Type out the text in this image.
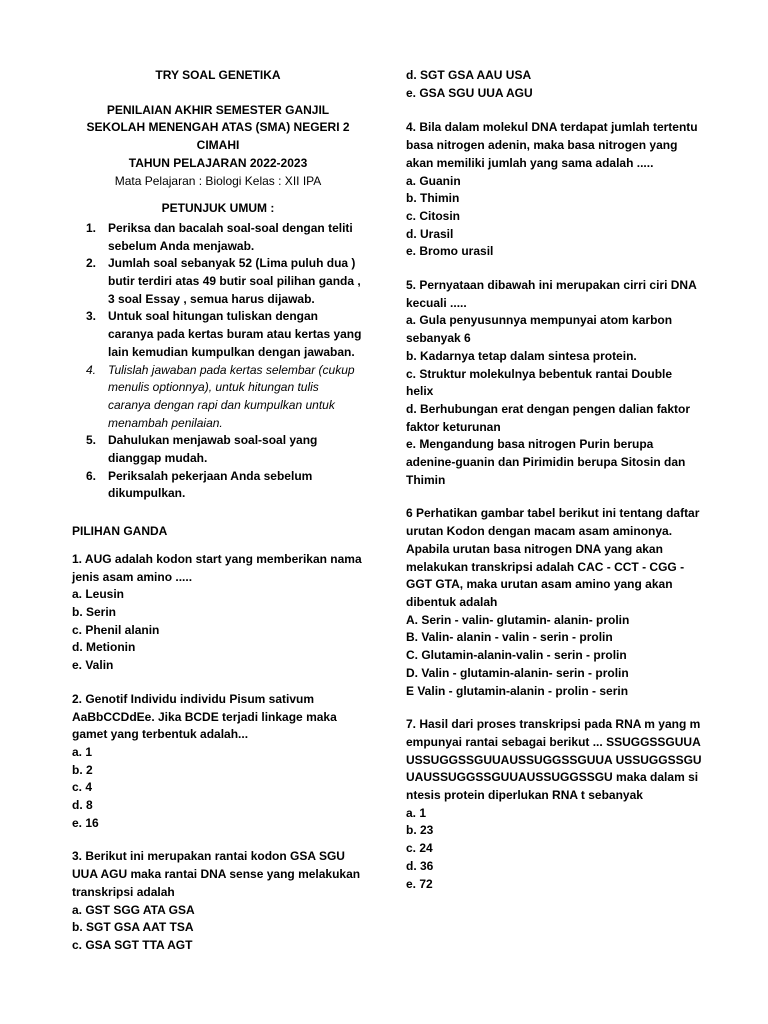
TRY SOAL GENETIKA
PENILAIAN AKHIR SEMESTER GANJIL
SEKOLAH MENENGAH ATAS (SMA) NEGERI 2
CIMAHI
TAHUN PELAJARAN 2022-2023
Mata Pelajaran : Biologi Kelas : XII IPA
PETUNJUK UMUM :
1.	Periksa dan bacalah soal-soal dengan teliti sebelum Anda menjawab.
2.	Jumlah soal sebanyak 52 (Lima puluh dua ) butir terdiri atas 49 butir soal pilihan ganda , 3 soal Essay , semua harus dijawab.
3.	Untuk soal hitungan tuliskan dengan caranya pada kertas buram atau kertas yang lain kemudian kumpulkan dengan jawaban.
4.	Tulislah jawaban pada kertas selembar (cukup menulis optionnya), untuk hitungan tulis caranya dengan rapi dan kumpulkan untuk menambah penilaian.
5.	Dahulukan menjawab soal-soal yang dianggap mudah.
6.	Periksalah pekerjaan Anda sebelum dikumpulkan.
PILIHAN GANDA

1. AUG adalah kodon start yang memberikan nama jenis asam amino .....

a. Leusin

b. Serin

c. Phenil alanin

d. Metionin

e. Valin

2. Genotif Individu individu Pisum sativum AaBbCCDdEe. Jika BCDE terjadi linkage maka gamet yang terbentuk adalah...

a. 1

b. 2

c. 4

d. 8

e. 16

3. Berikut ini merupakan rantai kodon GSA SGU UUA AGU maka rantai DNA sense yang melakukan transkripsi adalah

a. GST SGG ATA GSA

b. SGT GSA AAT TSA

c. GSA SGT TTA AGT

d. SGT GSA AAU USA

e. GSA SGU UUA AGU

4. Bila dalam molekul DNA terdapat jumlah tertentu basa nitrogen adenin, maka basa nitrogen yang akan memiliki jumlah yang sama adalah .....

a. Guanin

b. Thimin

c. Citosin

d. Urasil

e. Bromo urasil

5. Pernyataan dibawah ini merupakan cirri ciri DNA kecuali .....

a. Gula penyusunnya mempunyai atom karbon sebanyak 6

b. Kadarnya tetap dalam sintesa protein.

c. Struktur molekulnya bebentuk rantai Double helix

d. Berhubungan erat dengan pengen dalian faktor faktor keturunan

e. Mengandung basa nitrogen Purin berupa adenine-guanin dan Pirimidin berupa Sitosin dan Thimin

6 Perhatikan gambar tabel berikut ini tentang daftar urutan Kodon dengan macam asam aminonya. Apabila urutan basa nitrogen DNA yang akan melakukan transkripsi adalah CAC - CCT - CGG - GGT GTA, maka urutan asam amino yang akan dibentuk adalah

A. Serin - valin- glutamin- alanin- prolin

B. Valin- alanin - valin - serin - prolin

C. Glutamin-alanin-valin - serin - prolin

D. Valin - glutamin-alanin- serin - prolin

E Valin - glutamin-alanin - prolin - serin

7. Hasil dari proses transkripsi pada RNA m yang mempunyai rantai sebagai berikut ... SSUGGSSGUUAUSSUGGSSGUUAUSSUGGSSGUUA USSUGGSSGUUAUSSUGGSSGUUAUSSUGGSSGU maka dalam sintesis protein diperlukan RNA t sebanyak

a. 1

b. 23

c. 24

d. 36

e. 72
